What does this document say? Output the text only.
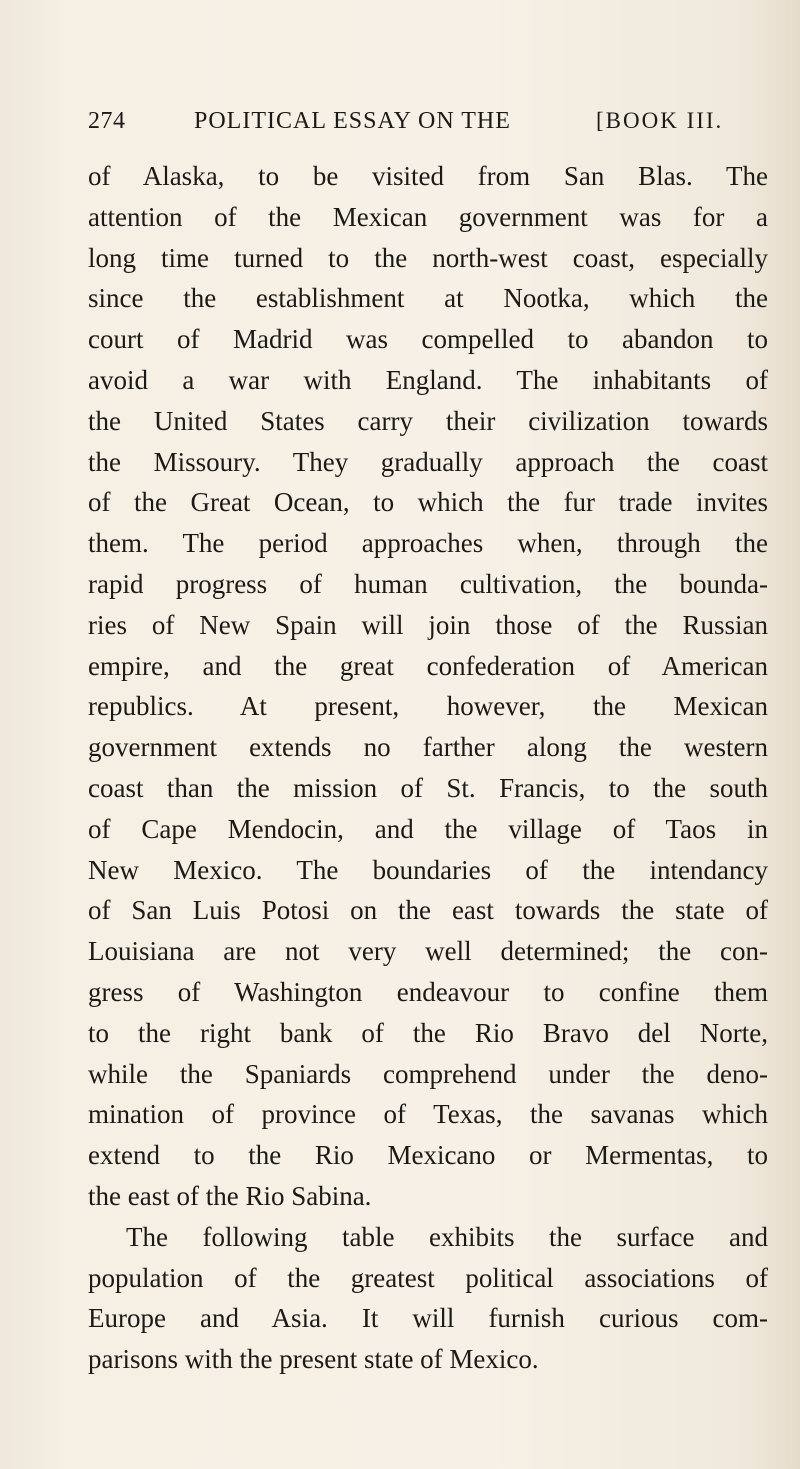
274	POLITICAL ESSAY ON THE	[BOOK III.
of Alaska, to be visited from San Blas. The
attention of the Mexican government was for a
long time turned to the north-west coast, especially
since the establishment at Nootka, which the
court of Madrid was compelled to abandon to
avoid a war with England. The inhabitants of
the United States carry their civilization towards
the Missoury. They gradually approach the coast
of the Great Ocean, to which the fur trade invites
them. The period approaches when, through the
rapid progress of human cultivation, the bounda-
ries of New Spain will join those of the Russian
empire, and the great confederation of American
republics. At present, however, the Mexican
government extends no farther along the western
coast than the mission of St. Francis, to the south
of Cape Mendocin, and the village of Taos in
New Mexico. The boundaries of the intendancy
of San Luis Potosi on the east towards the state of
Louisiana are not very well determined; the con-
gress of Washington endeavour to confine them
to the right bank of the Rio Bravo del Norte,
while the Spaniards comprehend under the deno-
mination of province of Texas, the savanas which
extend to the Rio Mexicano or Mermentas, to
the east of the Rio Sabina.
The following table exhibits the surface and
population of the greatest political associations of
Europe and Asia. It will furnish curious com-
parisons with the present state of Mexico.
